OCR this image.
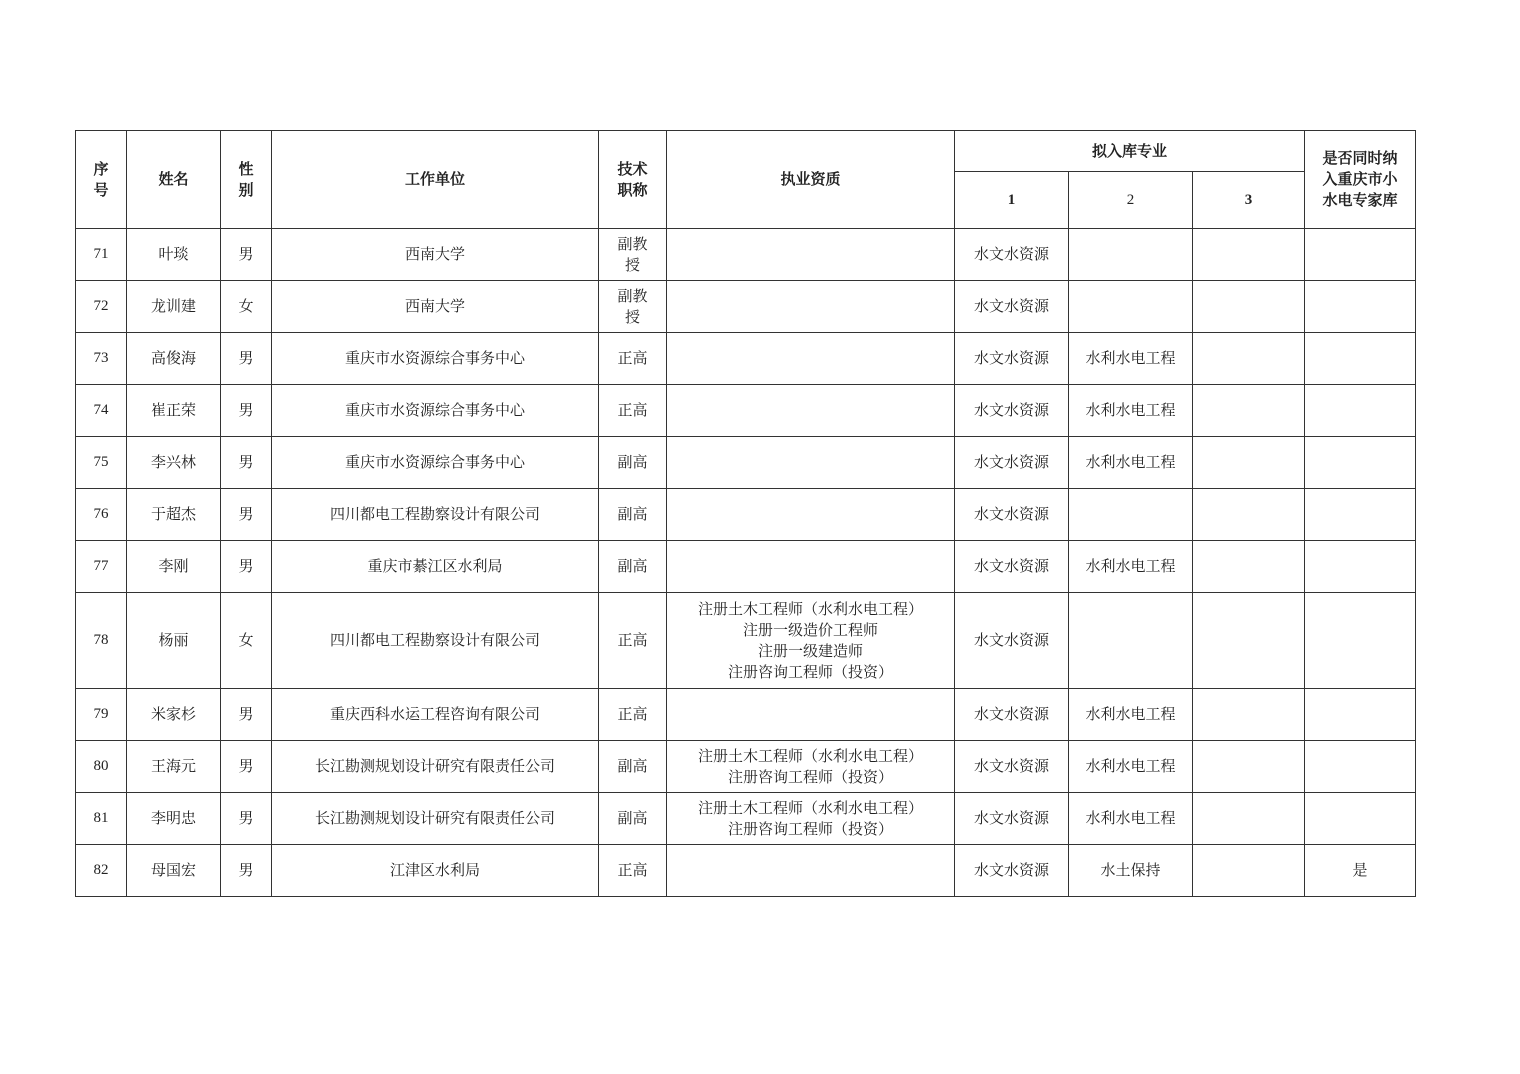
序号	姓名	性别	工作单位	技术职称	执业资质	拟入库专业			是否同时纳入重庆市小水电专家库
						1	2	3	
71	叶琰	男	西南大学	副教授		水文水资源			
72	龙训建	女	西南大学	副教授		水文水资源			
73	高俊海	男	重庆市水资源综合事务中心	正高		水文水资源	水利水电工程		
74	崔正荣	男	重庆市水资源综合事务中心	正高		水文水资源	水利水电工程		
75	李兴林	男	重庆市水资源综合事务中心	副高		水文水资源	水利水电工程		
76	于超杰	男	四川都电工程勘察设计有限公司	副高		水文水资源			
77	李刚	男	重庆市綦江区水利局	副高		水文水资源	水利水电工程		
78	杨丽	女	四川都电工程勘察设计有限公司	正高	注册土木工程师（水利水电工程）
注册一级造价工程师
注册一级建造师
注册咨询工程师（投资）	水文水资源			
79	米家杉	男	重庆西科水运工程咨询有限公司	正高		水文水资源	水利水电工程		
80	王海元	男	长江勘测规划设计研究有限责任公司	副高	注册土木工程师（水利水电工程）
注册咨询工程师（投资）	水文水资源	水利水电工程		
81	李明忠	男	长江勘测规划设计研究有限责任公司	副高	注册土木工程师（水利水电工程）
注册咨询工程师（投资）	水文水资源	水利水电工程		
82	母国宏	男	江津区水利局	正高		水文水资源	水土保持		是
